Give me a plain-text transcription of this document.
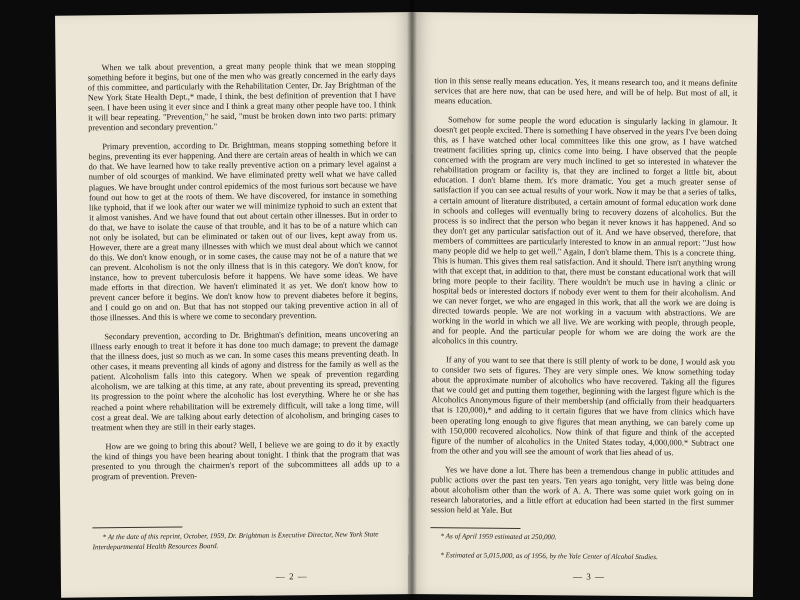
When we talk about prevention, a great many people think that we mean stopping something before it begins, but one of the men who was greatly concerned in the early days of this committee, and particularly with the Rehabilitation Center, Dr. Jay Brightman of the New York State Health Dept.,* made, I think, the best definition of prevention that I have seen. I have been using it ever since and I think a great many other people have too. I think it will bear repeating. "Prevention," he said, "must be broken down into two parts: primary prevention and secondary prevention."

Primary prevention, according to Dr. Brightman, means stopping something before it begins, preventing its ever happening. And there are certain areas of health in which we can do that. We have learned how to take really preventive action on a primary level against a number of old scourges of mankind. We have eliminated pretty well what we have called plagues. We have brought under control epidemics of the most furious sort because we have found out how to get at the roots of them. We have discovered, for instance in something like typhoid, that if we look after our water we will minimize typhoid to such an extent that it almost vanishes. And we have found that out about certain other illnesses. But in order to do that, we have to isolate the cause of that trouble, and it has to be of a nature which can not only be isolated, but can be eliminated or taken out of our lives, kept away from us. However, there are a great many illnesses with which we must deal about which we cannot do this. We don't know enough, or in some cases, the cause may not be of a nature that we can prevent. Alcoholism is not the only illness that is in this category. We don't know, for instance, how to prevent tuberculosis before it happens. We have some ideas. We have made efforts in that direction. We haven't eliminated it as yet. We don't know how to prevent cancer before it begins. We don't know how to prevent diabetes before it begins, and I could go on and on. But that has not stopped our taking preventive action in all of those illnesses. And this is where we come to secondary prevention.

Secondary prevention, according to Dr. Brightman's definition, means uncovering an illness early enough to treat it before it has done too much damage; to prevent the damage that the illness does, just so much as we can. In some cases this means preventing death. In other cases, it means preventing all kinds of agony and distress for the family as well as the patient. Alcoholism falls into this category. When we speak of prevention regarding alcoholism, we are talking at this time, at any rate, about preventing its spread, preventing its progression to the point where the alcoholic has lost everything. Where he or she has reached a point where rehabilitation will be extremely difficult, will take a long time, will cost a great deal. We are talking about early detection of alcoholism, and bringing cases to treatment when they are still in their early stages.

How are we going to bring this about? Well, I believe we are going to do it by exactly the kind of things you have been hearing about tonight. I think that the program that was presented to you through the chairmen's report of the subcommittees all adds up to a program of prevention. Preven-

* At the date of this reprint, October, 1959, Dr. Brightman is Executive Director, New York State Interdepartmental Health Resources Board.

— 2 —

tion in this sense really means education. Yes, it means research too, and it means definite services that are here now, that can be used here, and will be of help. But most of all, it means education.

Somehow for some people the word education is singularly lacking in glamour. It doesn't get people excited. There is something I have observed in the years I've been doing this, as I have watched other local committees like this one grow, as I have watched treatment facilities spring up, clinics come into being. I have observed that the people concerned with the program are very much inclined to get so interested in whatever the rehabilitation program or facility is, that they are inclined to forget a little bit, about education. I don't blame them. It's more dramatic. You get a much greater sense of satisfaction if you can see actual results of your work. Now it may be that a series of talks, a certain amount of literature distributed, a certain amount of formal education work done in schools and colleges will eventually bring to recovery dozens of alcoholics. But the process is so indirect that the person who began it never knows it has happened. And so they don't get any particular satisfaction out of it. And we have observed, therefore, that members of committees are particularly interested to know in an annual report: "Just how many people did we help to get well." Again, I don't blame them. This is a concrete thing. This is human. This gives them real satisfaction. And it should. There isn't anything wrong with that except that, in addition to that, there must be constant educational work that will bring more people to their facility. There wouldn't be much use in having a clinic or hospital beds or interested doctors if nobody ever went to them for their alcoholism. And we can never forget, we who are engaged in this work, that all the work we are doing is directed towards people. We are not working in a vacuum with abstractions. We are working in the world in which we all live. We are working with people, through people, and for people. And the particular people for whom we are doing the work are the alcoholics in this country.

If any of you want to see that there is still plenty of work to be done, I would ask you to consider two sets of figures. They are very simple ones. We know something today about the approximate number of alcoholics who have recovered. Taking all the figures that we could get and putting them together, beginning with the largest figure which is the Alcoholics Anonymous figure of their membership (and officially from their headquarters that is 120,000),* and adding to it certain figures that we have from clinics which have been operating long enough to give figures that mean anything, we can barely come up with 150,000 recovered alcoholics. Now think of that figure and think of the accepted figure of the number of alcoholics in the United States today, 4,000,000.* Subtract one from the other and you will see the amount of work that lies ahead of us.

Yes we have done a lot. There has been a tremendous change in public attitudes and public actions over the past ten years. Ten years ago tonight, very little was being done about alcoholism other than the work of A. A. There was some quiet work going on in research laboratories, and a little effort at education had been started in the first summer session held at Yale. But

* As of April 1959 estimated at 250,000.

* Estimated at 5,015,000, as of 1956, by the Yale Center of Alcohol Studies.

— 3 —
